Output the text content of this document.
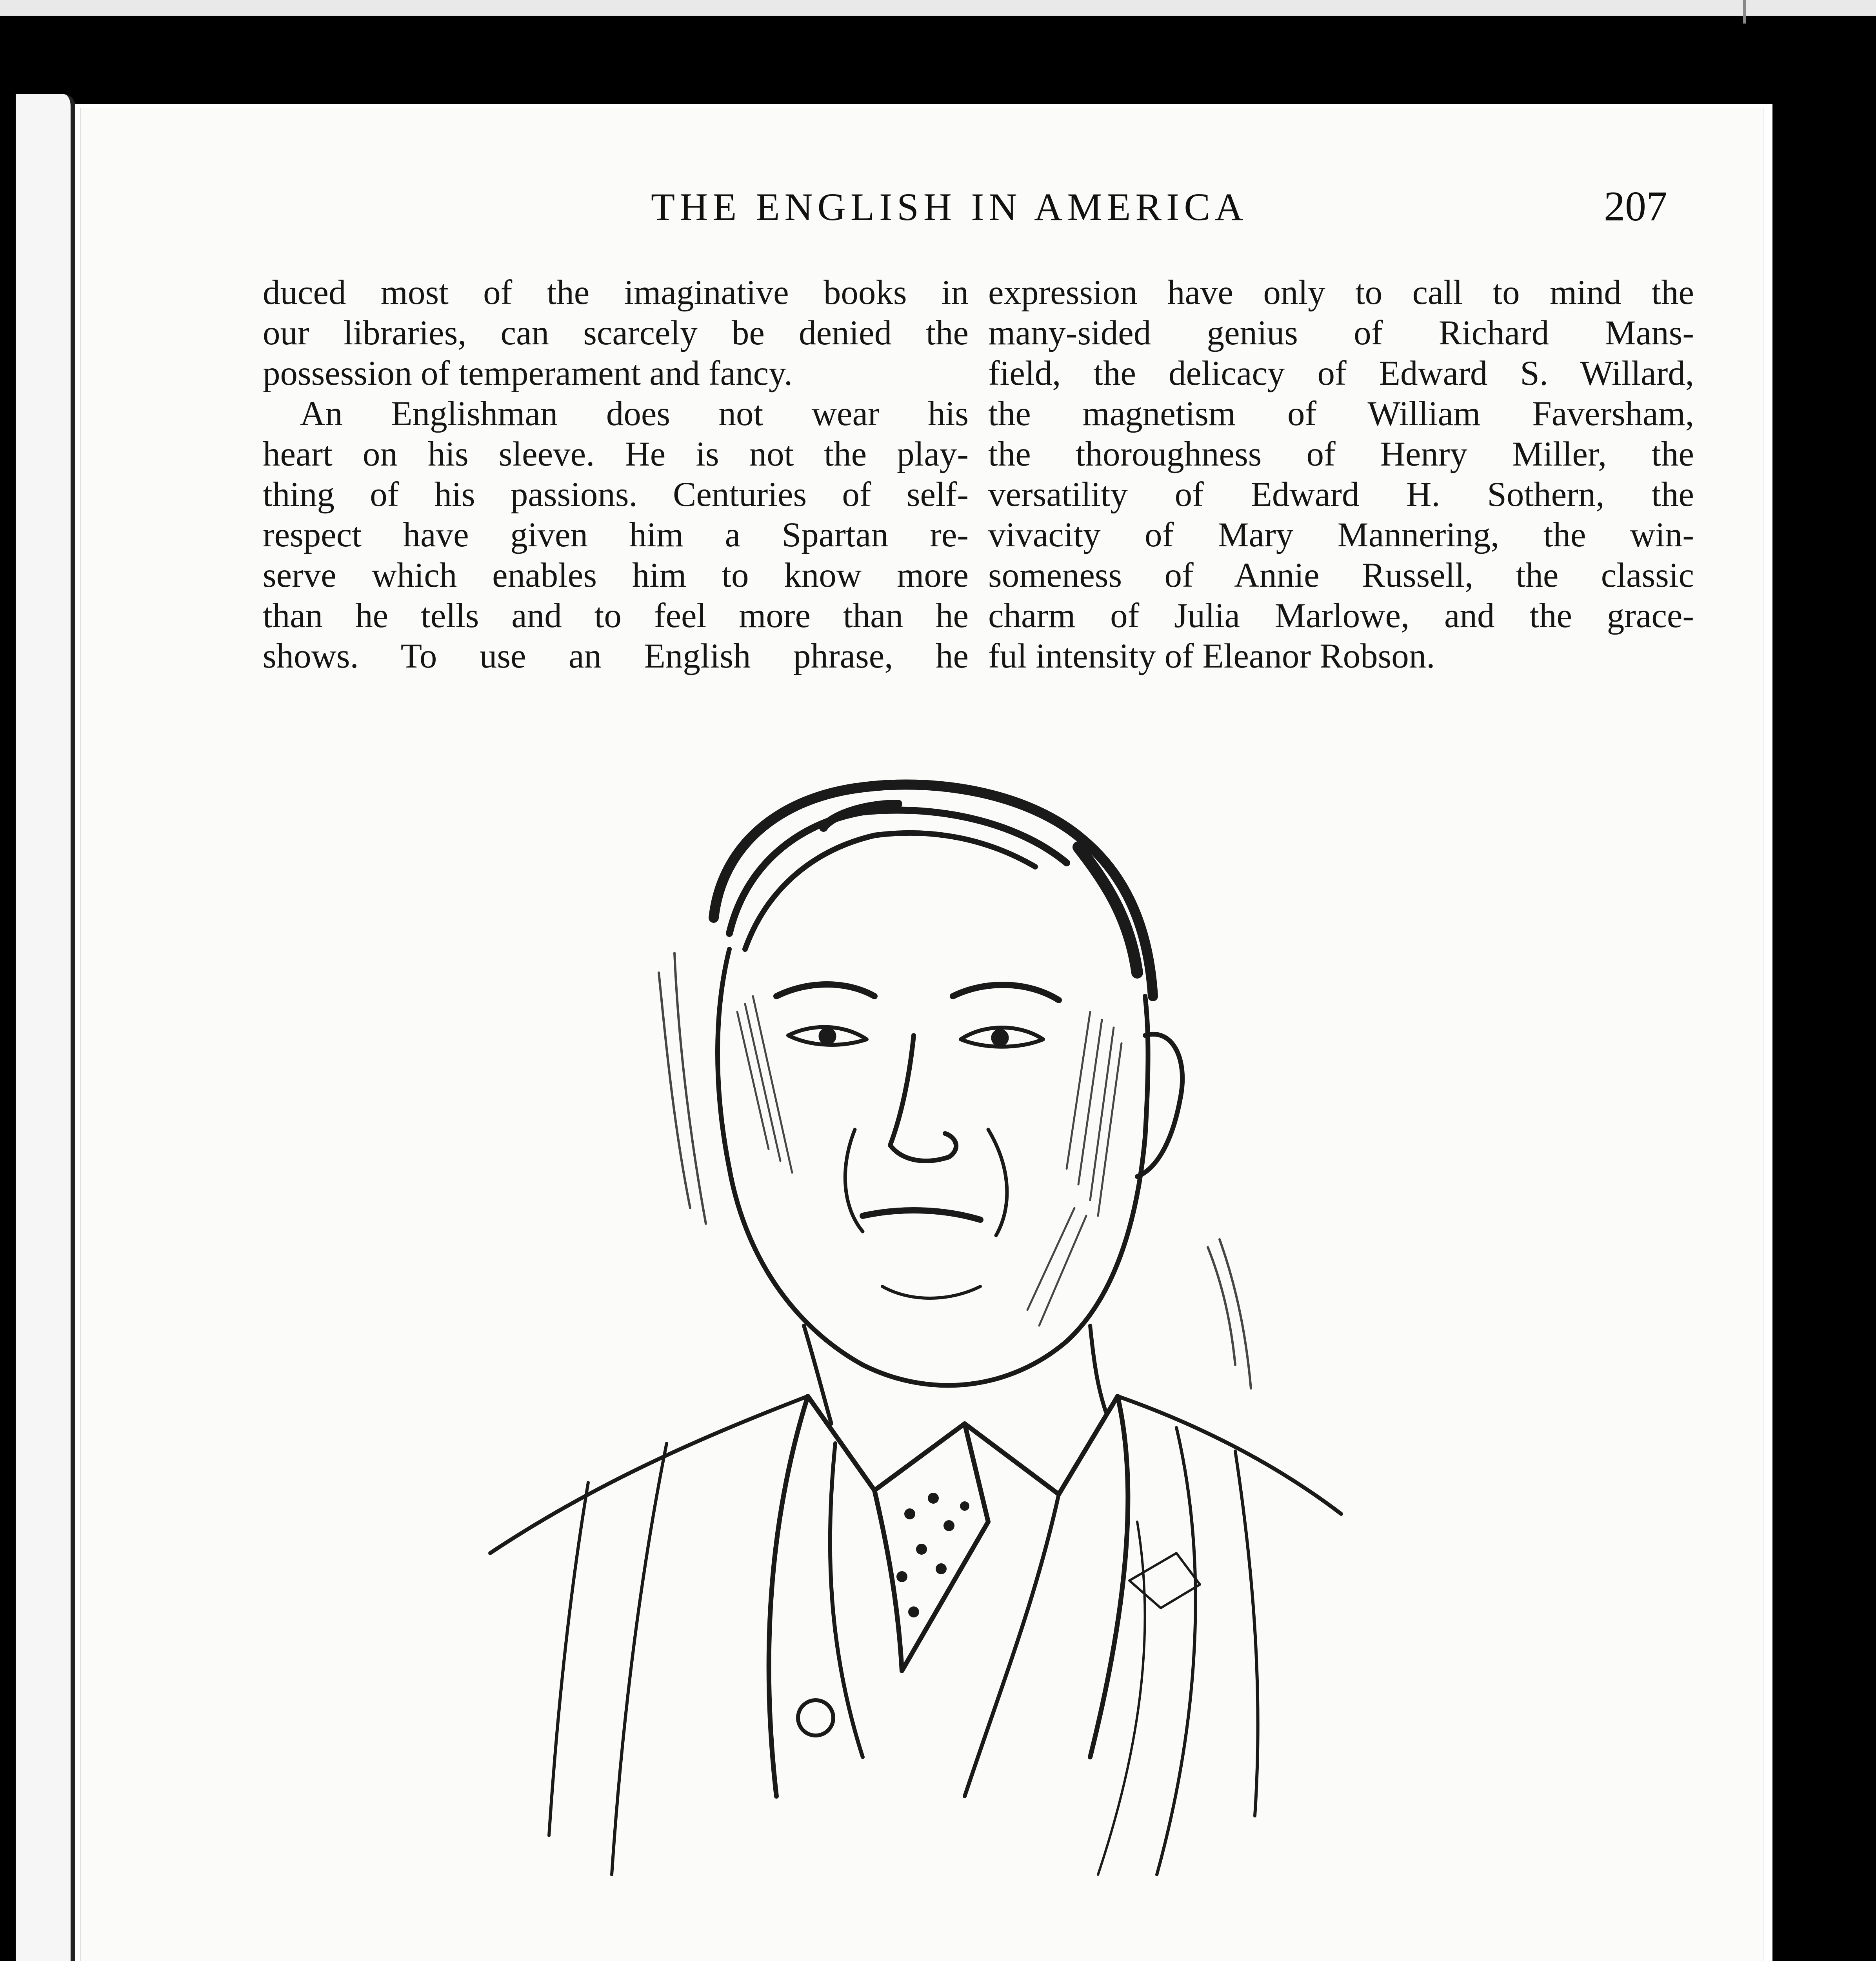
THE ENGLISH IN AMERICA	207
duced most of the imaginative books in
our libraries, can scarcely be denied the
possession of temperament and fancy.
An Englishman does not wear his
heart on his sleeve. He is not the play-
thing of his passions. Centuries of self-
respect have given him a Spartan re-
serve which enables him to know more
than he tells and to feel more than he
shows. To use an English phrase, he
expression have only to call to mind the
many-sided genius of Richard Mans-
field, the delicacy of Edward S. Willard,
the magnetism of William Faversham,
the thoroughness of Henry Miller, the
versatility of Edward H. Sothern, the
vivacity of Mary Mannering, the win-
someness of Annie Russell, the classic
charm of Julia Marlowe, and the grace-
ful intensity of Eleanor Robson.
